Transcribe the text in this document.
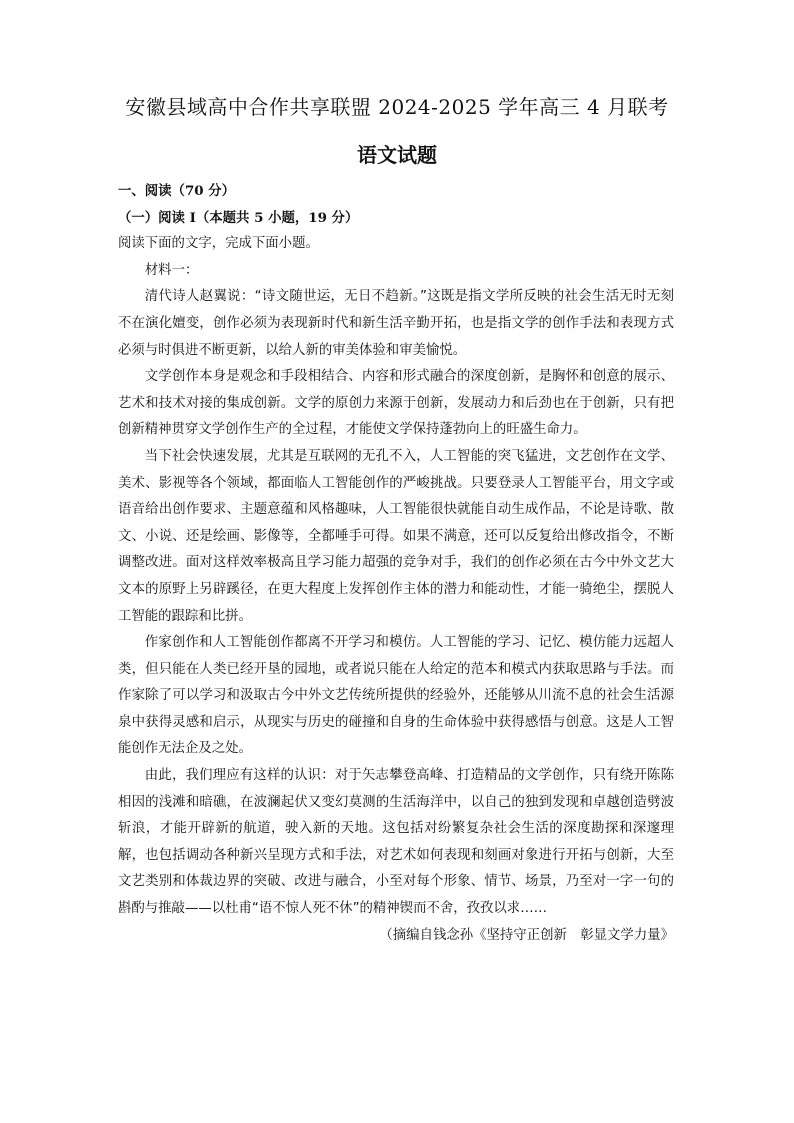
安徽县域高中合作共享联盟 2024-2025 学年高三 4 月联考
语文试题

一、阅读（70 分）

（一）阅读 I（本题共 5 小题，19 分）

阅读下面的文字，完成下面小题。

材料一：

清代诗人赵翼说：“诗文随世运，无日不趋新。”这既是指文学所反映的社会生活无时无刻不在演化嬗变，创作必须为表现新时代和新生活辛勤开拓，也是指文学的创作手法和表现方式必须与时俱进不断更新，以给人新的审美体验和审美愉悦。

文学创作本身是观念和手段相结合、内容和形式融合的深度创新，是胸怀和创意的展示、艺术和技术对接的集成创新。文学的原创力来源于创新，发展动力和后劲也在于创新，只有把创新精神贯穿文学创作生产的全过程，才能使文学保持蓬勃向上的旺盛生命力。

当下社会快速发展，尤其是互联网的无孔不入，人工智能的突飞猛进，文艺创作在文学、美术、影视等各个领域，都面临人工智能创作的严峻挑战。只要登录人工智能平台，用文字或语音给出创作要求、主题意蕴和风格趣味，人工智能很快就能自动生成作品，不论是诗歌、散文、小说、还是绘画、影像等，全都唾手可得。如果不满意，还可以反复给出修改指令，不断调整改进。面对这样效率极高且学习能力超强的竞争对手，我们的创作必须在古今中外文艺大文本的原野上另辟蹊径，在更大程度上发挥创作主体的潜力和能动性，才能一骑绝尘，摆脱人工智能的跟踪和比拼。

作家创作和人工智能创作都离不开学习和模仿。人工智能的学习、记忆、模仿能力远超人类，但只能在人类已经开垦的园地，或者说只能在人给定的范本和模式内获取思路与手法。而作家除了可以学习和汲取古今中外文艺传统所提供的经验外，还能够从川流不息的社会生活源泉中获得灵感和启示，从现实与历史的碰撞和自身的生命体验中获得感悟与创意。这是人工智能创作无法企及之处。

由此，我们理应有这样的认识：对于矢志攀登高峰、打造精品的文学创作，只有绕开陈陈相因的浅滩和暗礁，在波澜起伏又变幻莫测的生活海洋中，以自己的独到发现和卓越创造劈波斩浪，才能开辟新的航道，驶入新的天地。这包括对纷繁复杂社会生活的深度勘探和深邃理解，也包括调动各种新兴呈现方式和手法，对艺术如何表现和刻画对象进行开拓与创新，大至文艺类别和体裁边界的突破、改进与融合，小至对每个形象、情节、场景，乃至对一字一句的斟酌与推敲——以杜甫“语不惊人死不休”的精神锲而不舍，孜孜以求……

（摘编自钱念孙《坚持守正创新　彰显文学力量》
